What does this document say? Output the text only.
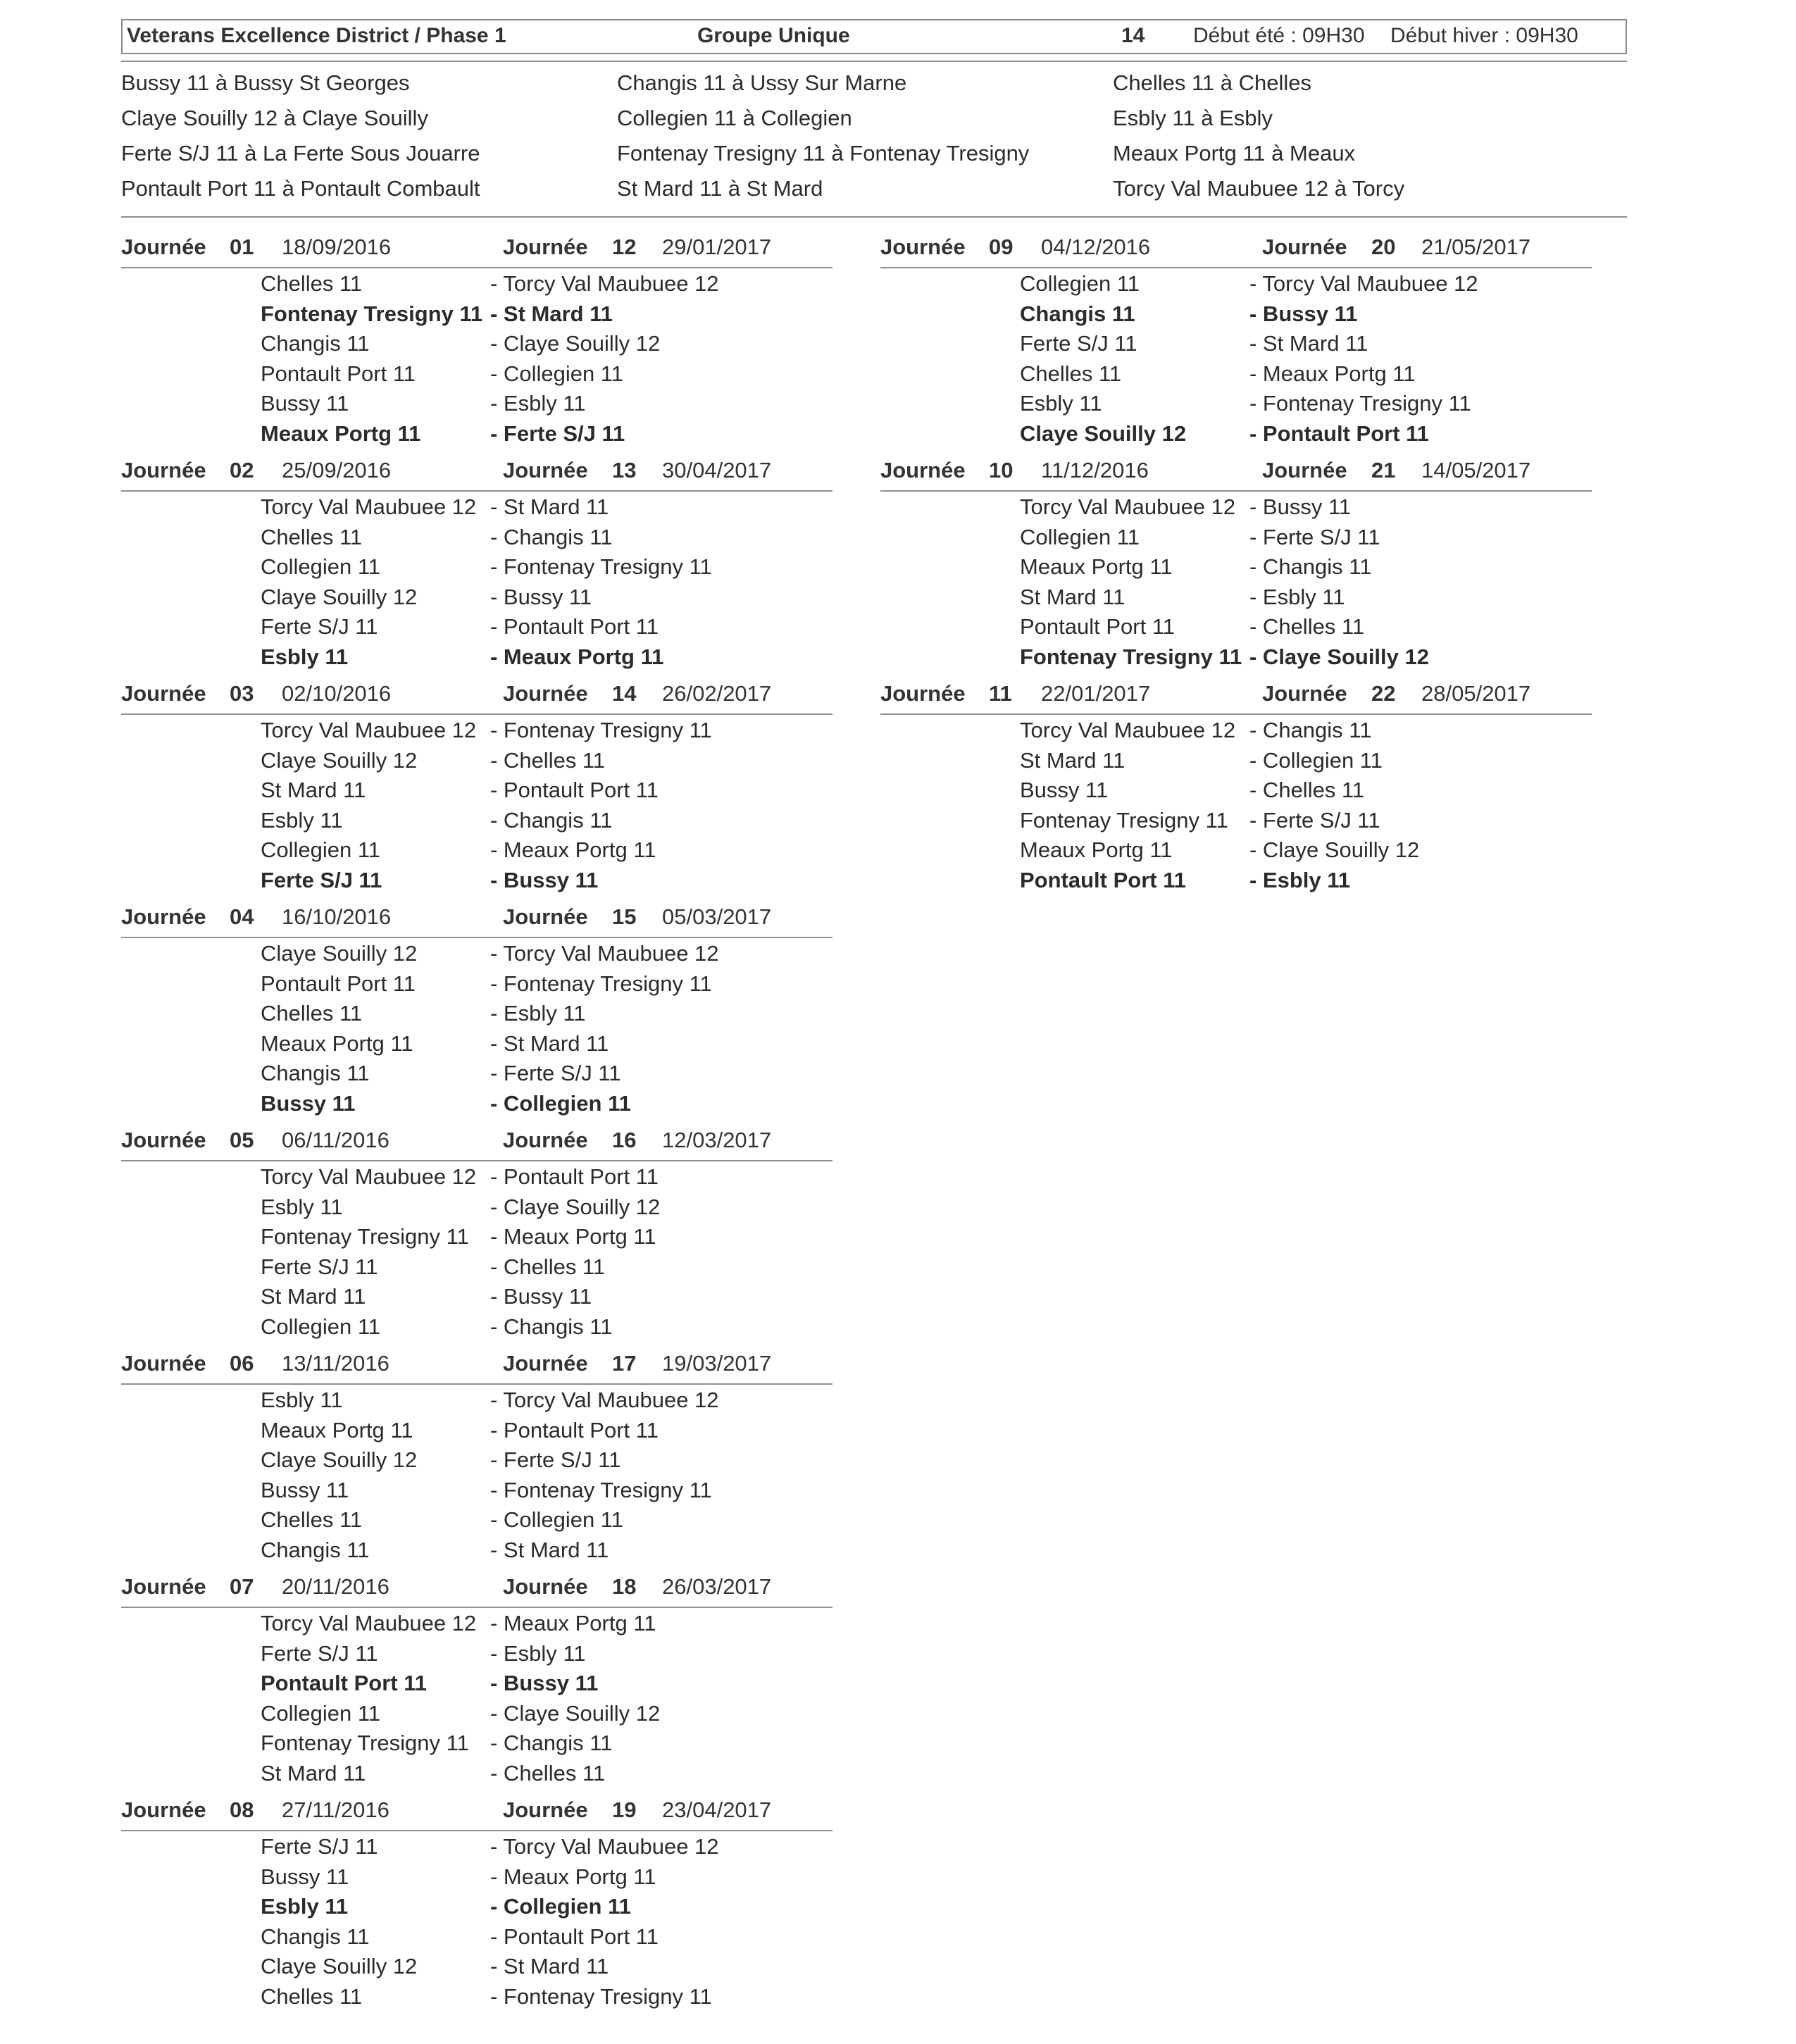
Veterans Excellence District / Phase 1	Groupe Unique	14 Début été : 09H30 Début hiver : 09H30
Bussy 11 à Bussy St Georges	Changis 11 à Ussy Sur Marne	Chelles 11 à Chelles
Claye Souilly 12 à Claye Souilly	Collegien 11 à Collegien	Esbly 11 à Esbly
Ferte S/J 11 à La Ferte Sous Jouarre	Fontenay Tresigny 11 à Fontenay Tresigny	Meaux Portg 11 à Meaux
Pontault Port 11 à Pontault Combault	St Mard 11 à St Mard	Torcy Val Maubuee 12 à Torcy
Journée 01 18/09/2016	Journée 12 29/01/2017
Chelles 11	- Torcy Val Maubuee 12
Fontenay Tresigny 11 - St Mard 11
Changis 11	- Claye Souilly 12
Pontault Port 11	- Collegien 11
Bussy 11	- Esbly 11
Meaux Portg 11	- Ferte S/J 11
Journée 02 25/09/2016	Journée 13 30/04/2017
Torcy Val Maubuee 12 - St Mard 11
Chelles 11	- Changis 11
Collegien 11	- Fontenay Tresigny 11
Claye Souilly 12	- Bussy 11
Ferte S/J 11	- Pontault Port 11
Esbly 11	- Meaux Portg 11
Journée 03 02/10/2016	Journée 14 26/02/2017
Torcy Val Maubuee 12 - Fontenay Tresigny 11
Claye Souilly 12	- Chelles 11
St Mard 11	- Pontault Port 11
Esbly 11	- Changis 11
Collegien 11	- Meaux Portg 11
Ferte S/J 11	- Bussy 11
Journée 04 16/10/2016	Journée 15 05/03/2017
Claye Souilly 12	- Torcy Val Maubuee 12
Pontault Port 11	- Fontenay Tresigny 11
Chelles 11	- Esbly 11
Meaux Portg 11	- St Mard 11
Changis 11	- Ferte S/J 11
Bussy 11	- Collegien 11
Journée 05 06/11/2016	Journée 16 12/03/2017
Torcy Val Maubuee 12 - Pontault Port 11
Esbly 11	- Claye Souilly 12
Fontenay Tresigny 11 - Meaux Portg 11
Ferte S/J 11	- Chelles 11
St Mard 11	- Bussy 11
Collegien 11	- Changis 11
Journée 06 13/11/2016	Journée 17 19/03/2017
Esbly 11	- Torcy Val Maubuee 12
Meaux Portg 11	- Pontault Port 11
Claye Souilly 12	- Ferte S/J 11
Bussy 11	- Fontenay Tresigny 11
Chelles 11	- Collegien 11
Changis 11	- St Mard 11
Journée 07 20/11/2016	Journée 18 26/03/2017
Torcy Val Maubuee 12 - Meaux Portg 11
Ferte S/J 11	- Esbly 11
Pontault Port 11	- Bussy 11
Collegien 11	- Claye Souilly 12
Fontenay Tresigny 11 - Changis 11
St Mard 11	- Chelles 11
Journée 08 27/11/2016	Journée 19 23/04/2017
Ferte S/J 11	- Torcy Val Maubuee 12
Bussy 11	- Meaux Portg 11
Esbly 11	- Collegien 11
Changis 11	- Pontault Port 11
Claye Souilly 12	- St Mard 11
Chelles 11	- Fontenay Tresigny 11
Journée 09 04/12/2016	Journée 20 21/05/2017
Collegien 11	- Torcy Val Maubuee 12
Changis 11	- Bussy 11
Ferte S/J 11	- St Mard 11
Chelles 11	- Meaux Portg 11
Esbly 11	- Fontenay Tresigny 11
Claye Souilly 12	- Pontault Port 11
Journée 10 11/12/2016	Journée 21 14/05/2017
Torcy Val Maubuee 12 - Bussy 11
Collegien 11	- Ferte S/J 11
Meaux Portg 11	- Changis 11
St Mard 11	- Esbly 11
Pontault Port 11	- Chelles 11
Fontenay Tresigny 11 - Claye Souilly 12
Journée 11 22/01/2017	Journée 22 28/05/2017
Torcy Val Maubuee 12 - Changis 11
St Mard 11	- Collegien 11
Bussy 11	- Chelles 11
Fontenay Tresigny 11 - Ferte S/J 11
Meaux Portg 11	- Claye Souilly 12
Pontault Port 11	- Esbly 11
